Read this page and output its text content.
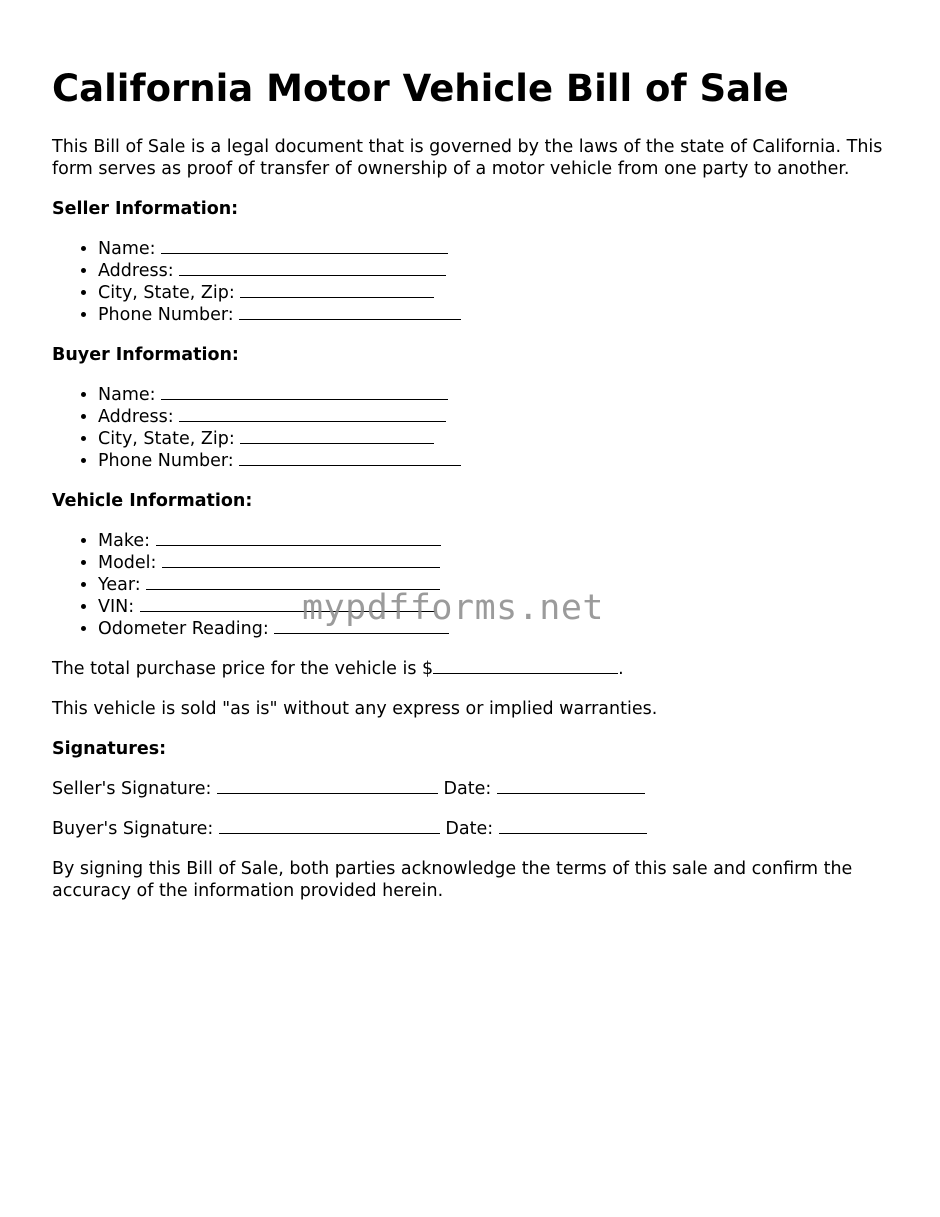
California Motor Vehicle Bill of Sale

This Bill of Sale is a legal document that is governed by the laws of the state of California. This form serves as proof of transfer of ownership of a motor vehicle from one party to another.

Seller Information:
• Name:
• Address:
• City, State, Zip:
• Phone Number:
Buyer Information:
• Name:
• Address:
• City, State, Zip:
• Phone Number:
Vehicle Information:
• Make:
• Model:
• Year:
• VIN:
• Odometer Reading:

The total purchase price for the vehicle is $	.

This vehicle is sold "as is" without any express or implied warranties.

Signatures:

Seller's Signature:	Date:

Buyer's Signature:	Date:

By signing this Bill of Sale, both parties acknowledge the terms of this sale and confirm the accuracy of the information provided herein.

mypdfforms.net
